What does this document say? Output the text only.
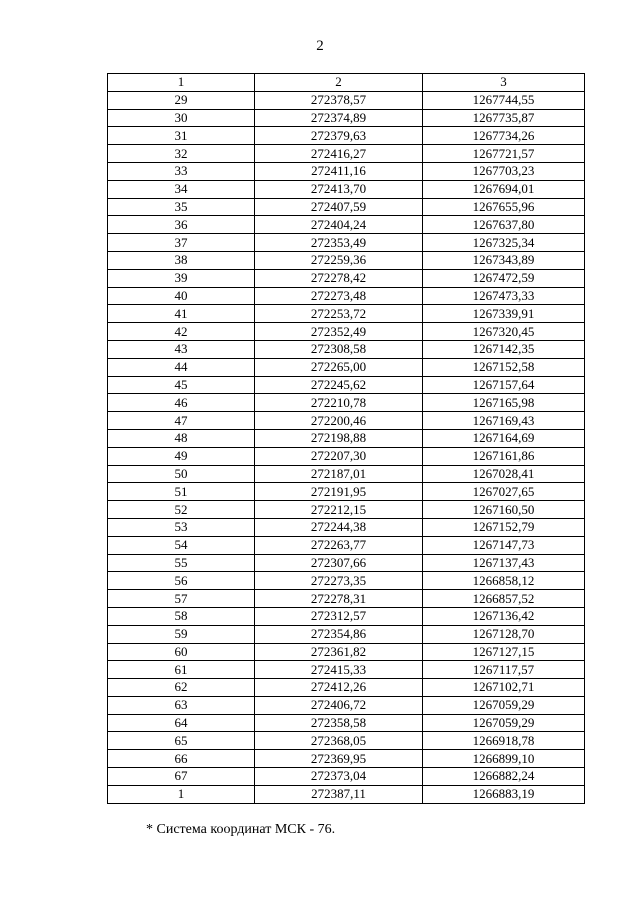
2
1	2	3
29	272378,57	1267744,55
30	272374,89	1267735,87
31	272379,63	1267734,26
32	272416,27	1267721,57
33	272411,16	1267703,23
34	272413,70	1267694,01
35	272407,59	1267655,96
36	272404,24	1267637,80
37	272353,49	1267325,34
38	272259,36	1267343,89
39	272278,42	1267472,59
40	272273,48	1267473,33
41	272253,72	1267339,91
42	272352,49	1267320,45
43	272308,58	1267142,35
44	272265,00	1267152,58
45	272245,62	1267157,64
46	272210,78	1267165,98
47	272200,46	1267169,43
48	272198,88	1267164,69
49	272207,30	1267161,86
50	272187,01	1267028,41
51	272191,95	1267027,65
52	272212,15	1267160,50
53	272244,38	1267152,79
54	272263,77	1267147,73
55	272307,66	1267137,43
56	272273,35	1266858,12
57	272278,31	1266857,52
58	272312,57	1267136,42
59	272354,86	1267128,70
60	272361,82	1267127,15
61	272415,33	1267117,57
62	272412,26	1267102,71
63	272406,72	1267059,29
64	272358,58	1267059,29
65	272368,05	1266918,78
66	272369,95	1266899,10
67	272373,04	1266882,24
1	272387,11	1266883,19
* Система координат МСК - 76.
